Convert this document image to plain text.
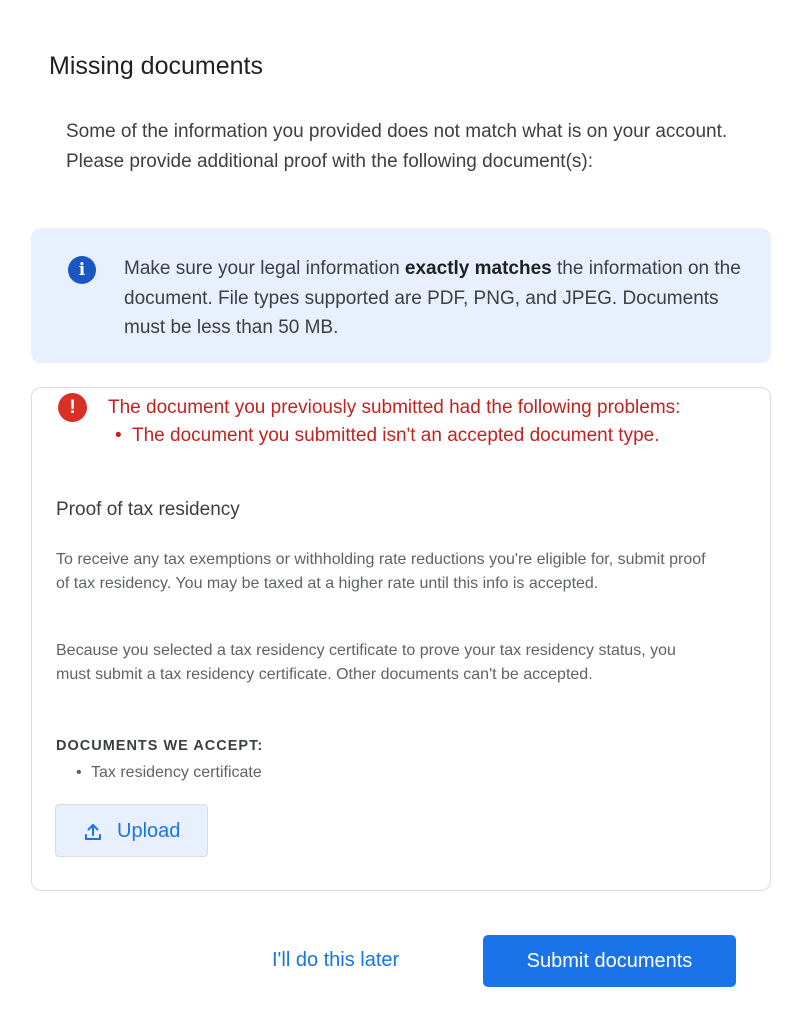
Missing documents
Some of the information you provided does not match what is on your account. Please provide additional proof with the following document(s):
i	Make sure your legal information exactly matches the information on the document. File types supported are PDF, PNG, and JPEG. Documents must be less than 50 MB.
!	The document you previously submitted had the following problems:
• The document you submitted isn't an accepted document type.
Proof of tax residency
To receive any tax exemptions or withholding rate reductions you're eligible for, submit proof of tax residency. You may be taxed at a higher rate until this info is accepted.
Because you selected a tax residency certificate to prove your tax residency status, you must submit a tax residency certificate. Other documents can't be accepted.
DOCUMENTS WE ACCEPT:
• Tax residency certificate
Upload
I'll do this later	Submit documents
